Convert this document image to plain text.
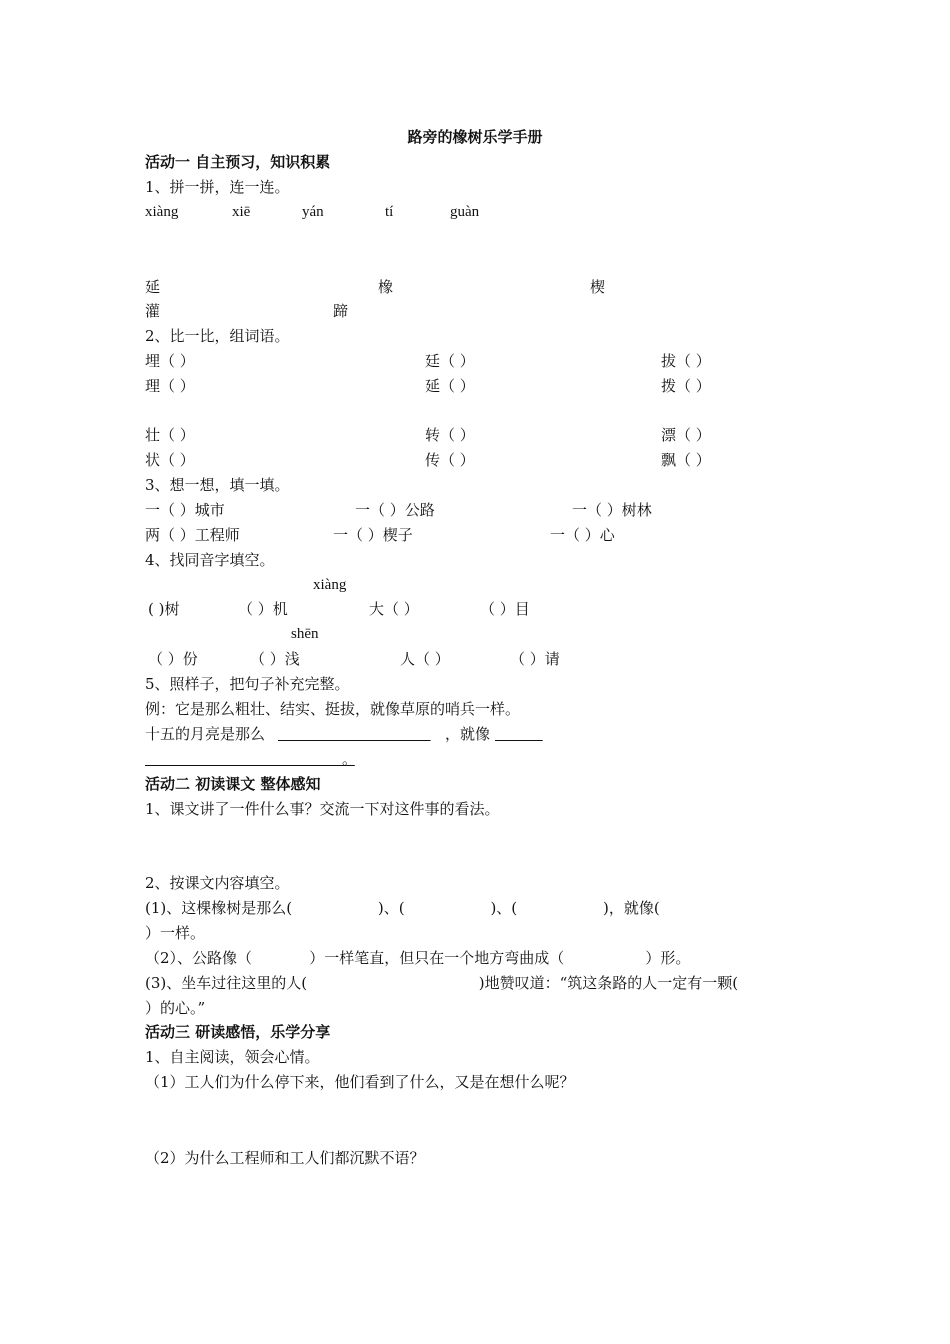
路旁的橡树乐学手册
活动一 自主预习，知识积累
1、拼一拼，连一连。
xiàng	xiē	yán	tí	guàn
延	橡	楔
灌	蹄
2、比一比，组词语。
埋（ ）	廷（ ）	拔（ ）
理（ ）	延（ ）	拨（ ）
壮（ ）	转（ ）	漂（ ）
状（ ）	传（ ）	飘（ ）
3、想一想，填一填。
一（ ）城市	一（ ）公路	一（ ）树林
两（ ）工程师	一（ ）楔子	一（ ）心
4、找同音字填空。
xiàng
( )树	（ ）机	大（ ）	（ ）目
shēn
（ ）份	（ ）浅	人（ ）	（ ）请
5、照样子，把句子补充完整。
例：它是那么粗壮、结实、挺拔，就像草原的哨兵一样。
十五的月亮是那么
	，就像

。
活动二 初读课文 整体感知
1、课文讲了一件什么事？交流一下对这件事的看法。
2、按课文内容填空。
(1)、这棵橡树是那么(                  )、(                  )、(                  )，就像(
）一样。
（2）、公路像（            ）一样笔直，但只在一个地方弯曲成（                 ）形。
(3)、坐车过往这里的人(                                    )地赞叹道：“筑这条路的人一定有一颗(
）的心。”
活动三 研读感悟，乐学分享
1、自主阅读，领会心情。
（1）工人们为什么停下来，他们看到了什么，又是在想什么呢？
（2）为什么工程师和工人们都沉默不语？
